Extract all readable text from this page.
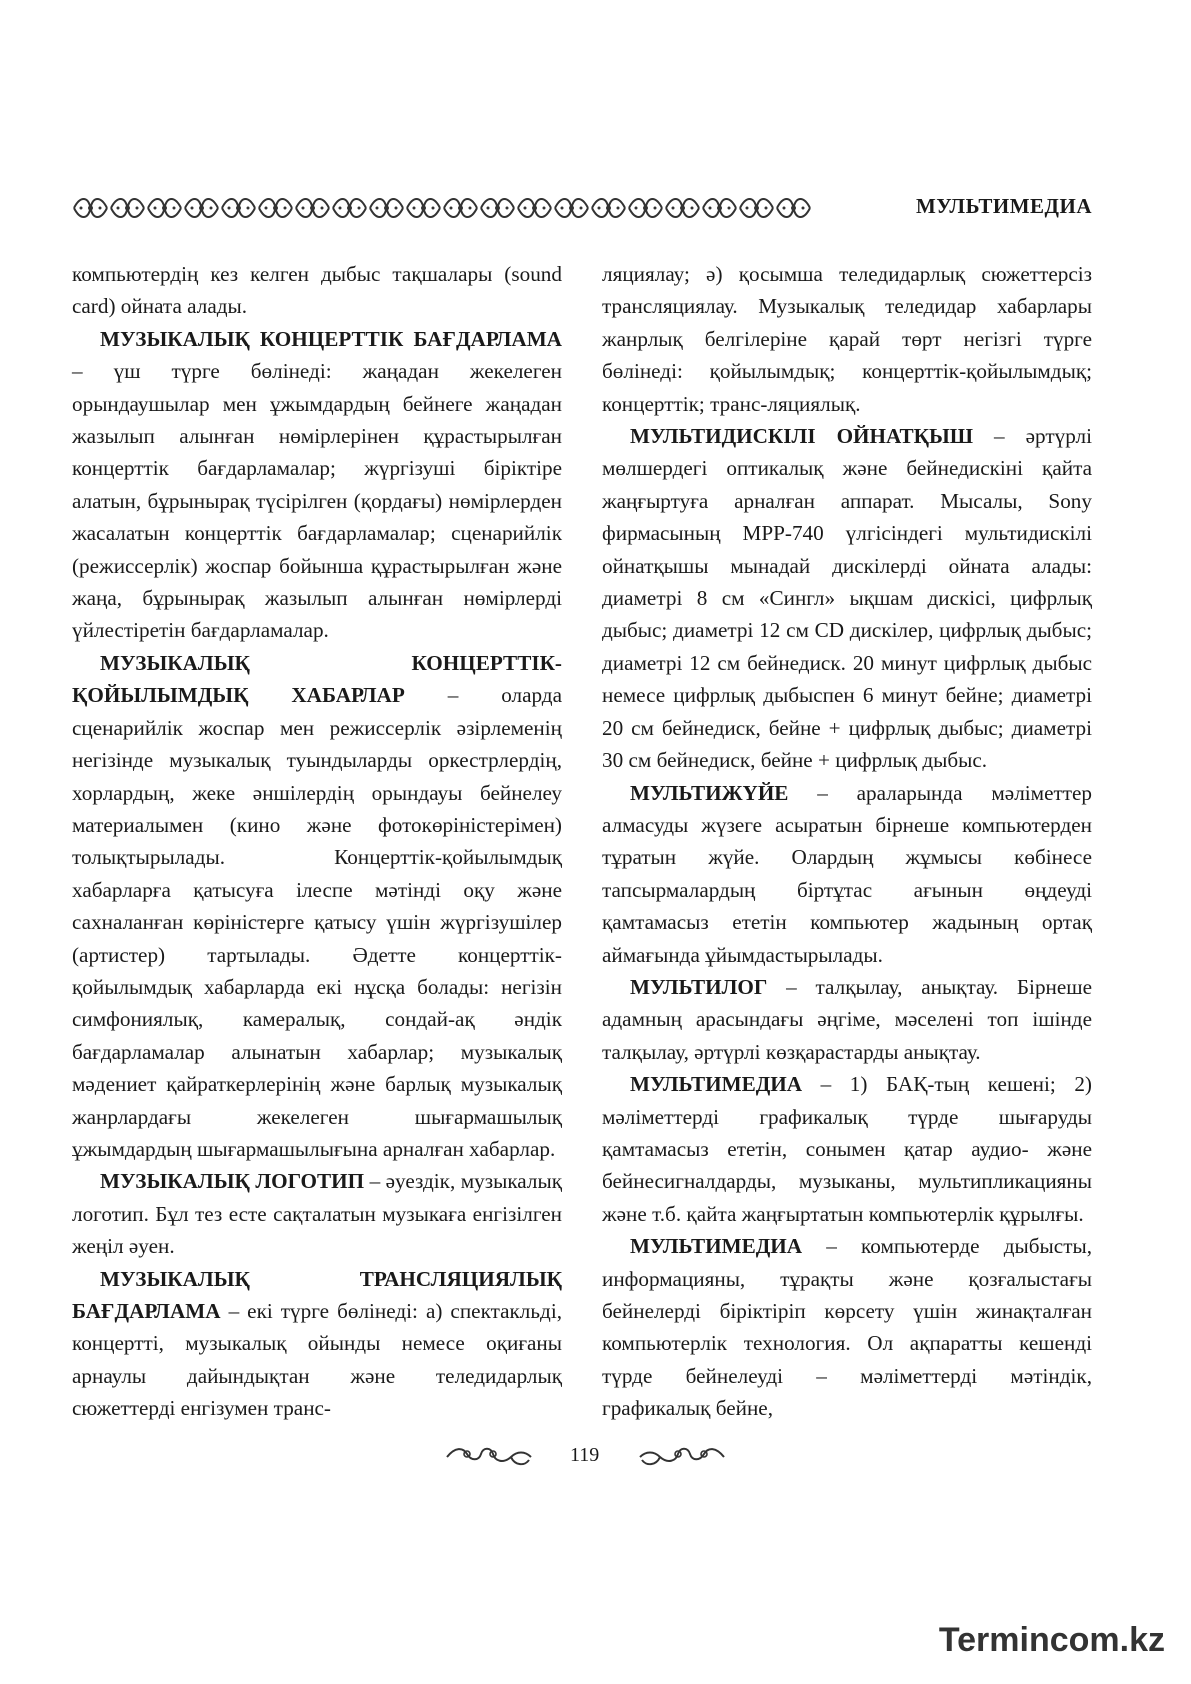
МУЛЬТИМЕДИА

компьютердің кез келген дыбыс тақшалары (sound card) ойната алады.

МУЗЫКАЛЫҚ КОНЦЕРТТІК БАҒДАРЛАМА – үш түрге бөлінеді: жаңадан жекелеген орындаушылар мен ұжымдардың бейнеге жаңадан жазылып алынған нөмірлерінен құрастырылған концерттік бағдарламалар; жүргізуші біріктіре алатын, бұрынырақ түсірілген (қордағы) нөмірлерден жасалатын концерттік бағдарламалар; сценарийлік (режиссерлік) жоспар бойынша құрастырылған және жаңа, бұрынырақ жазылып алынған нөмірлерді үйлестіретін бағдарламалар.

МУЗЫКАЛЫҚ КОНЦЕРТТІК-ҚОЙЫЛЫМДЫҚ ХАБАРЛАР – оларда сценарийлік жоспар мен режиссерлік әзірлеменің негізінде музыкалық туындыларды оркестрлердің, хорлардың, жеке әншілердің орындауы бейнелеу материалымен (кино және фотокөріністерімен) толықтырылады. Концерттік-қойылымдық хабарларға қатысуға ілеспе мәтінді оқу және сахналанған көріністерге қатысу үшін жүргізушілер (артистер) тартылады. Әдетте концерттік-қойылымдық хабарларда екі нұсқа болады: негізін симфониялық, камералық, сондай-ақ әндік бағдарламалар алынатын хабарлар; музыкалық мәдениет қайраткерлерінің және барлық музыкалық жанрлардағы жекелеген шығармашылық ұжымдардың шығармашылығына арналған хабарлар.

МУЗЫКАЛЫҚ ЛОГОТИП – әуездік, музыкалық логотип. Бұл тез есте сақталатын музыкаға енгізілген жеңіл әуен.

МУЗЫКАЛЫҚ ТРАНСЛЯЦИЯЛЫҚ БАҒДАРЛАМА – екі түрге бөлінеді: а) спектакльді, концертті, музыкалық ойынды немесе оқиғаны арнаулы дайындықтан және теледидарлық сюжеттерді енгізумен транс-

ляциялау; ә) қосымша теледидарлық сюжеттерсіз трансляциялау. Музыкалық теледидар хабарлары жанрлық белгілеріне қарай төрт негізгі түрге бөлінеді: қойылымдық; концерттік-қойылымдық; концерттік; транс-ляциялық.

МУЛЬТИДИСКІЛІ ОЙНАТҚЫШ – әртүрлі мөлшердегі оптикалық және бейнедискіні қайта жаңғыртуға арналған аппарат. Мысалы, Sony фирмасының MPP-740 үлгісіндегі мультидискілі ойнатқышы мынадай дискілерді ойната алады: диаметрі 8 см «Сингл» ықшам дискісі, цифрлық дыбыс; диаметрі 12 см CD дискілер, цифрлық дыбыс; диаметрі 12 см бейнедиск. 20 минут цифрлық дыбыс немесе цифрлық дыбыспен 6 минут бейне; диаметрі 20 см бейнедиск, бейне + цифрлық дыбыс; диаметрі 30 см бейнедиск, бейне + цифрлық дыбыс.

МУЛЬТИЖҮЙЕ – араларында мәліметтер алмасуды жүзеге асыратын бірнеше компьютерден тұратын жүйе. Олардың жұмысы көбінесе тапсырмалардың біртұтас ағынын өңдеуді қамтамасыз ететін компьютер жадының ортақ аймағында ұйымдастырылады.

МУЛЬТИЛОГ – талқылау, анықтау. Бірнеше адамның арасындағы әңгіме, мәселені топ ішінде талқылау, әртүрлі көзқарастарды анықтау.

МУЛЬТИМЕДИА – 1) БАҚ-тың кешені; 2) мәліметтерді графикалық түрде шығаруды қамтамасыз ететін, сонымен қатар аудио- және бейнесигналдарды, музыканы, мультипликацияны және т.б. қайта жаңғыртатын компьютерлік құрылғы.

МУЛЬТИМЕДИА – компьютерде дыбысты, информацияны, тұрақты және қозғалыстағы бейнелерді біріктіріп көрсету үшін жинақталған компьютерлік технология. Ол ақпаратты кешенді түрде бейнелеуді – мәліметтерді мәтіндік, графикалық бейне,

119
Termincom.kz
